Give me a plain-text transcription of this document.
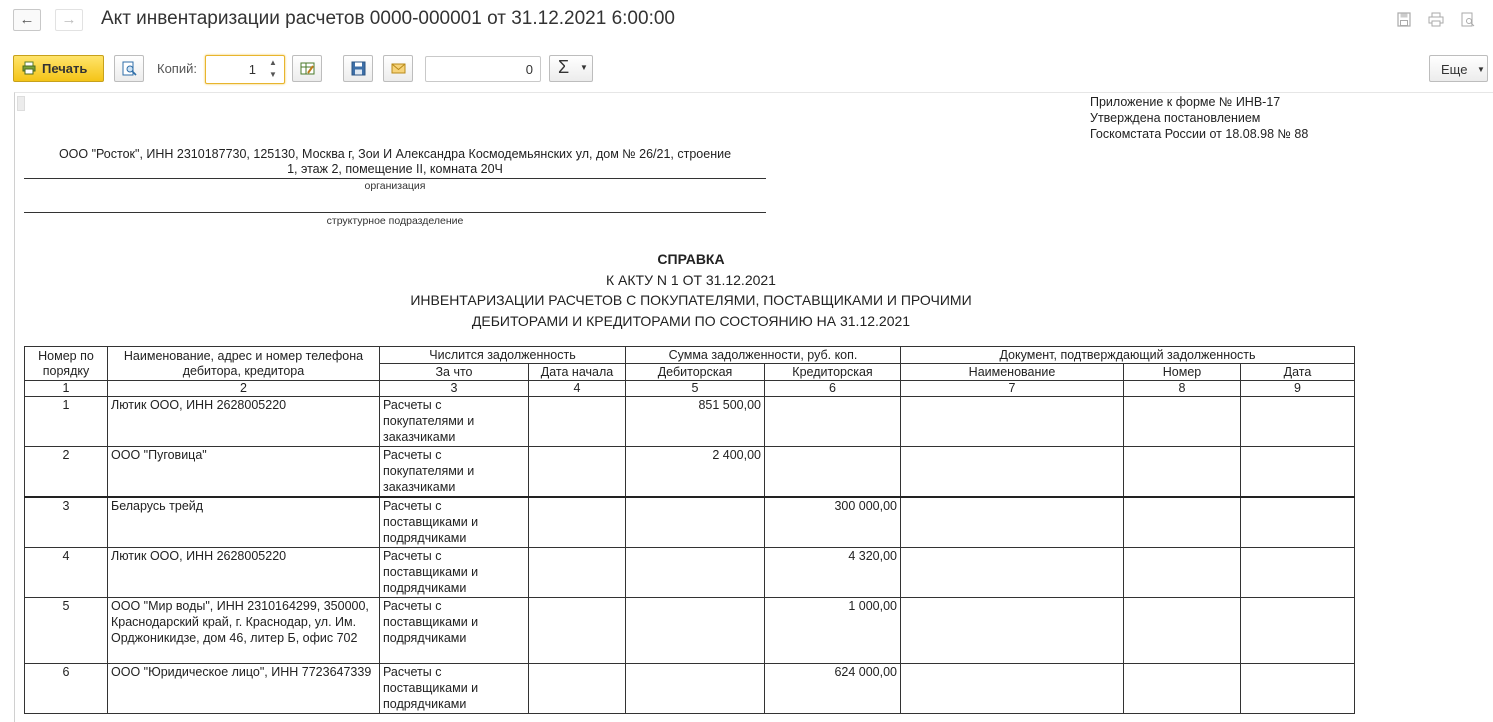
←	→	Акт инвентаризации расчетов 0000-000001 от 31.12.2021 6:00:00
Печать	Копий:	1	▲
▼	0 Σ ▼	Еще ▼
Приложение к форме № ИНВ-17
Утверждена постановлением
Госкомстата России от 18.08.98 № 88
ООО "Росток", ИНН 2310187730, 125130, Москва г, Зои И Александра Космодемьянских ул, дом № 26/21, строение
1, этаж 2, помещение II, комната 20Ч
организация
структурное подразделение
СПРАВКА
К АКТУ N 1 ОТ 31.12.2021
ИНВЕНТАРИЗАЦИИ РАСЧЕТОВ С ПОКУПАТЕЛЯМИ, ПОСТАВЩИКАМИ И ПРОЧИМИ
ДЕБИТОРАМИ И КРЕДИТОРАМИ ПО СОСТОЯНИЮ НА 31.12.2021
Номер по порядку	Наименование, адрес и номер телефона дебитора, кредитора	Числится задолженность		Сумма задолженности, руб. коп.		Документ, подтверждающий задолженность		
		За что	Дата начала	Дебиторская	Кредиторская	Наименование	Номер	Дата
1	2	3	4	5	6	7	8	9
1	Лютик ООО, ИНН 2628005220	Расчеты с покупателями и заказчиками		851 500,00				
2	ООО "Пуговица"	Расчеты с покупателями и заказчиками		2 400,00				
3	Беларусь трейд	Расчеты с поставщиками и подрядчиками			300 000,00			
4	Лютик ООО, ИНН 2628005220	Расчеты с поставщиками и подрядчиками			4 320,00			
5	ООО "Мир воды", ИНН 2310164299, 350000, Краснодарский край, г. Краснодар, ул. Им. Орджоникидзе, дом 46, литер Б, офис 702	Расчеты с поставщиками и подрядчиками			1 000,00			
6	ООО "Юридическое лицо", ИНН 7723647339	Расчеты с поставщиками и подрядчиками			624 000,00			
